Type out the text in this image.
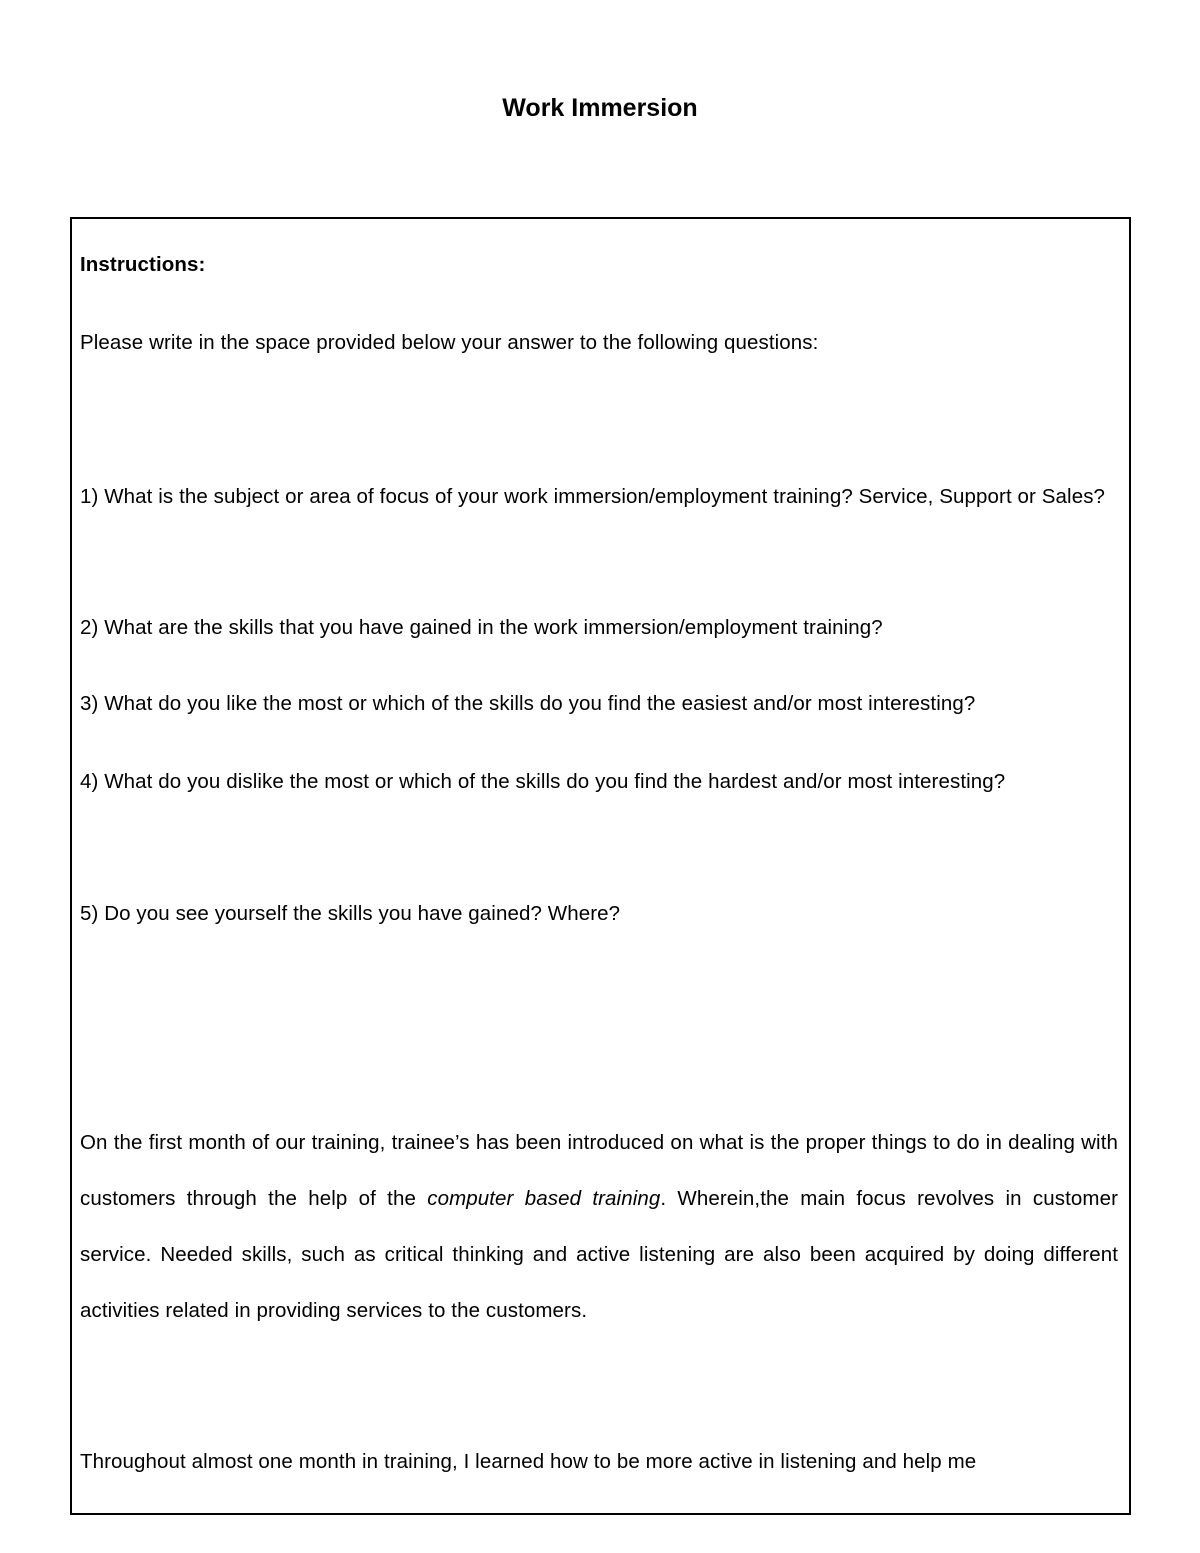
Work Immersion
Instructions:
Please write in the space provided below your answer to the following questions:
1) What is the subject or area of focus of your work immersion/employment training? Service, Support or Sales?
2) What are the skills that you have gained in the work immersion/employment training?
3) What do you like the most or which of the skills do you find the easiest and/or most interesting?
4) What do you dislike the most or which of the skills do you find the hardest and/or most interesting?
5) Do you see yourself the skills you have gained? Where?
On the first month of our training, trainee’s has been introduced on what is the proper things to do in dealing with customers through the help of the computer based training. Wherein,the main focus revolves in customer service. Needed skills, such as critical thinking and active listening are also been acquired by doing different activities related in providing services to the customers.
Throughout almost one month in training, I learned how to be more active in listening and help me
